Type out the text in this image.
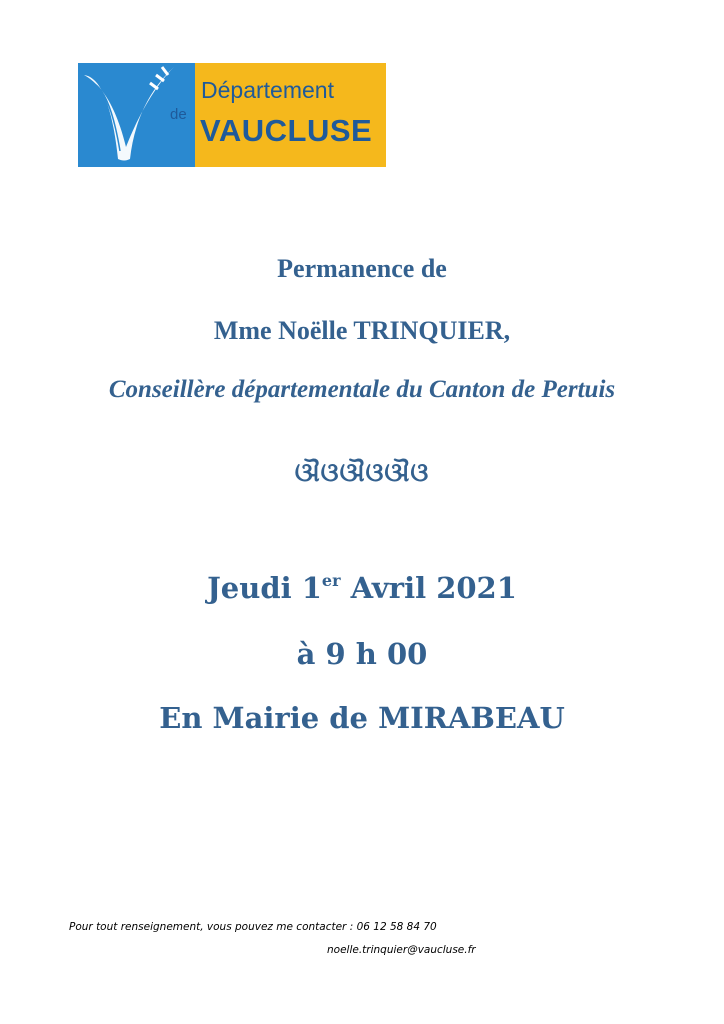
Département
de VAUCLUSE
Permanence de
Mme Noëlle TRINQUIER,
Conseillère départementale du Canton de Pertuis
ଔଓଔଓଔଓ
Jeudi 1er Avril 2021
à 9 h 00
En Mairie de MIRABEAU
Pour tout renseignement, vous pouvez me contacter : 06 12 58 84 70
noelle.trinquier@vaucluse.fr
